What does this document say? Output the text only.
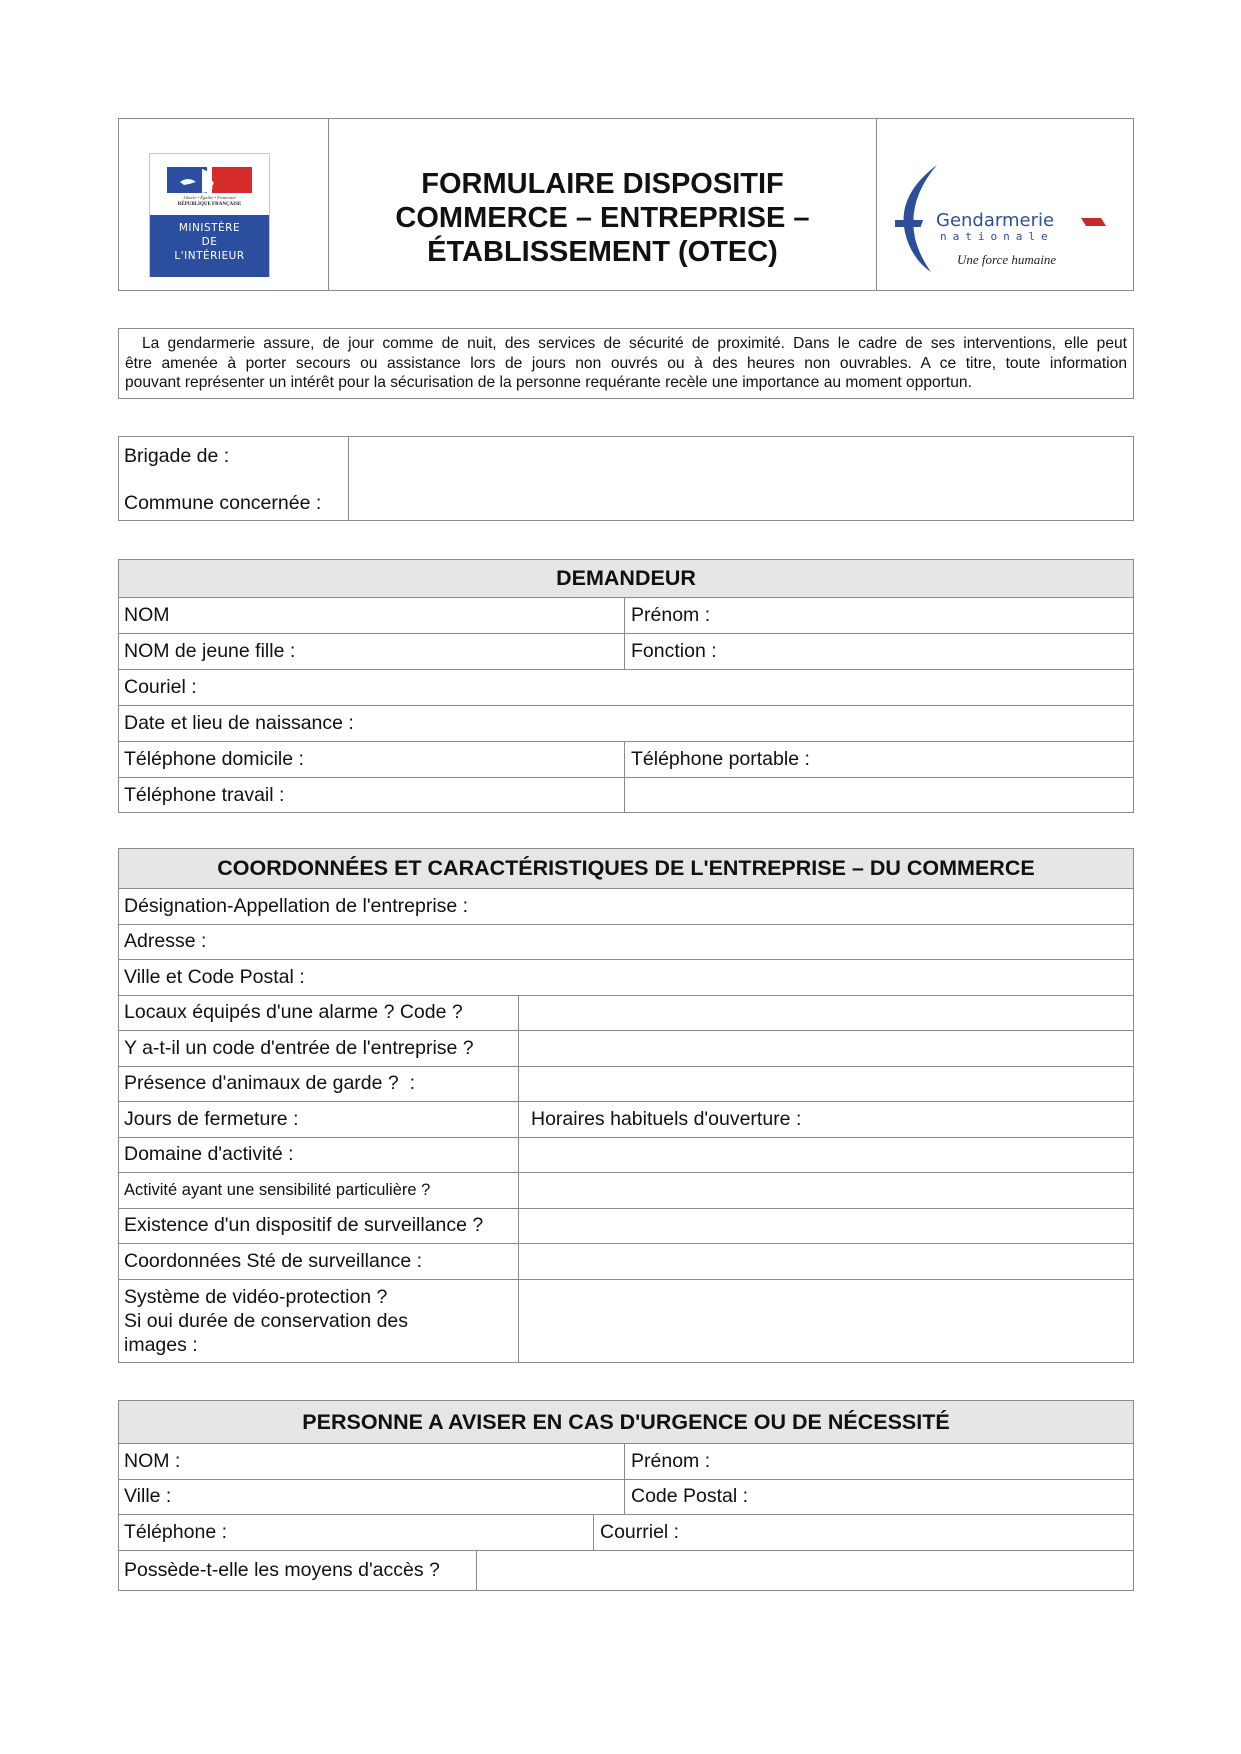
Liberté • Égalité • Fraternité
RÉPUBLIQUE FRANÇAISE
MINISTÈRE
DE
L'INTÉRIEUR
FORMULAIRE DISPOSITIF
COMMERCE – ENTREPRISE –
ÉTABLISSEMENT (OTEC)
Gendarmerie
nationale
Une force humaine
La gendarmerie assure, de jour comme de nuit, des services de sécurité de proximité. Dans le cadre de ses interventions, elle peut
être amenée à porter secours ou assistance lors de jours non ouvrés ou à des heures non ouvrables. A ce titre, toute information
pouvant représenter un intérêt pour la sécurisation de la personne requérante recèle une importance au moment opportun.
Brigade de :
Commune concernée :
DEMANDEUR
NOM	Prénom :
NOM de jeune fille :	Fonction :
Couriel :
Date et lieu de naissance :
Téléphone domicile :	Téléphone portable :
Téléphone travail :
COORDONNÉES ET CARACTÉRISTIQUES DE L'ENTREPRISE – DU COMMERCE
Désignation-Appellation de l'entreprise :
Adresse :
Ville et Code Postal :
Locaux équipés d'une alarme ? Code ?
Y a-t-il un code d'entrée de l'entreprise ?
Présence d'animaux de garde ?  :
Jours de fermeture :	Horaires habituels d'ouverture :
Domaine d'activité :
Activité ayant une sensibilité particulière ?
Existence d'un dispositif de surveillance ?
Coordonnées Sté de surveillance :
Système de vidéo-protection ?
Si oui durée de conservation des
images :
PERSONNE A AVISER EN CAS D'URGENCE OU DE NÉCESSITÉ
NOM :	Prénom :
Ville :	Code Postal :
Téléphone :	Courriel :
Possède-t-elle les moyens d'accès ?
